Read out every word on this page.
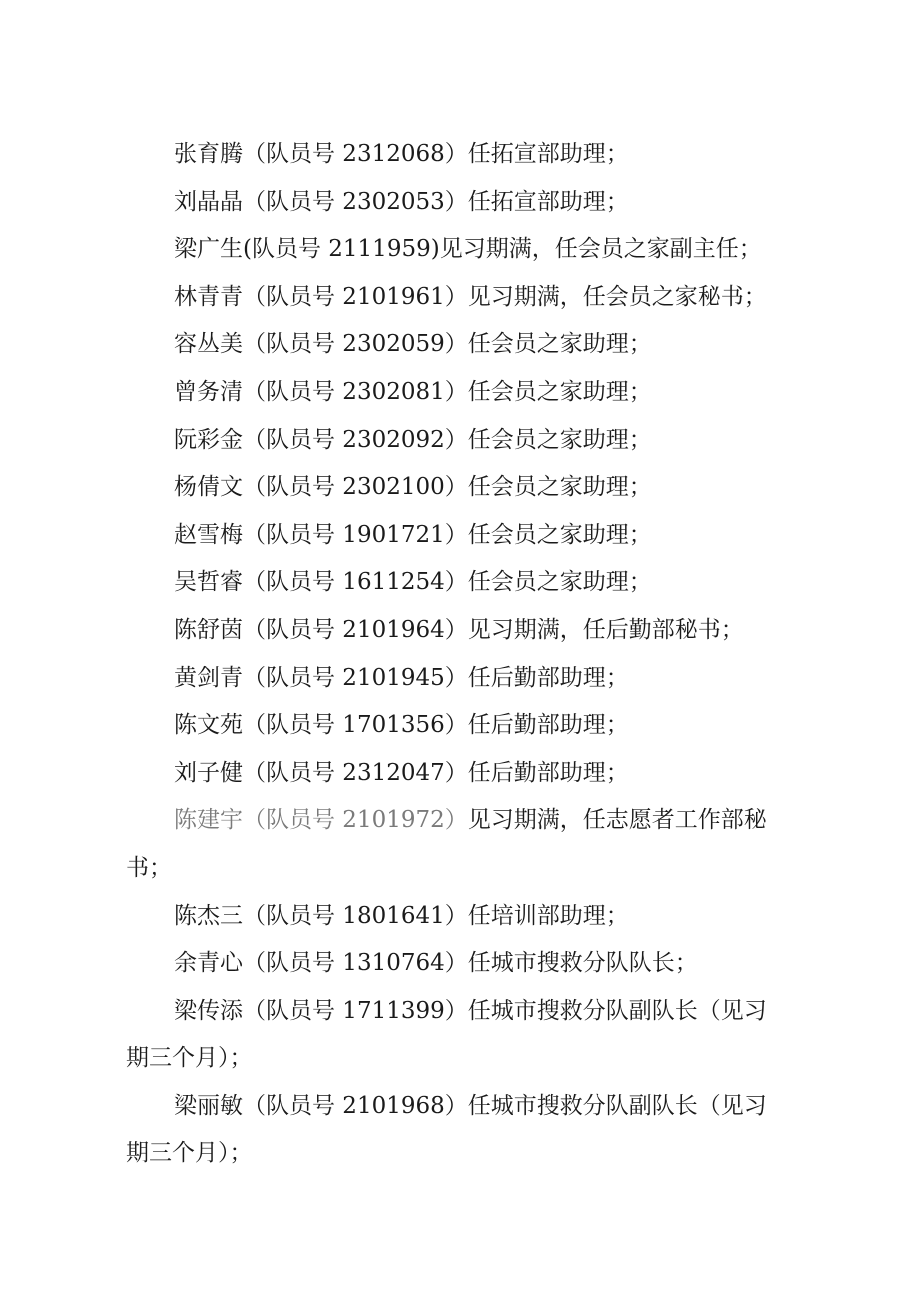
张育腾（队员号 2312068）任拓宣部助理；
刘晶晶（队员号 2302053）任拓宣部助理；
梁广生(队员号 2111959)见习期满，任会员之家副主任；
林青青（队员号 2101961）见习期满，任会员之家秘书；
容丛美（队员号 2302059）任会员之家助理；
曾务清（队员号 2302081）任会员之家助理；
阮彩金（队员号 2302092）任会员之家助理；
杨倩文（队员号 2302100）任会员之家助理；
赵雪梅（队员号 1901721）任会员之家助理；
吴哲睿（队员号 1611254）任会员之家助理；
陈舒茵（队员号 2101964）见习期满，任后勤部秘书；
黄剑青（队员号 2101945）任后勤部助理；
陈文苑（队员号 1701356）任后勤部助理；
刘子健（队员号 2312047）任后勤部助理；
陈建宇（队员号 2101972）见习期满，任志愿者工作部秘
书；
陈杰三（队员号 1801641）任培训部助理；
余青心（队员号 1310764）任城市搜救分队队长；
梁传添（队员号 1711399）任城市搜救分队副队长（见习
期三个月）；
梁丽敏（队员号 2101968）任城市搜救分队副队长（见习
期三个月）；
